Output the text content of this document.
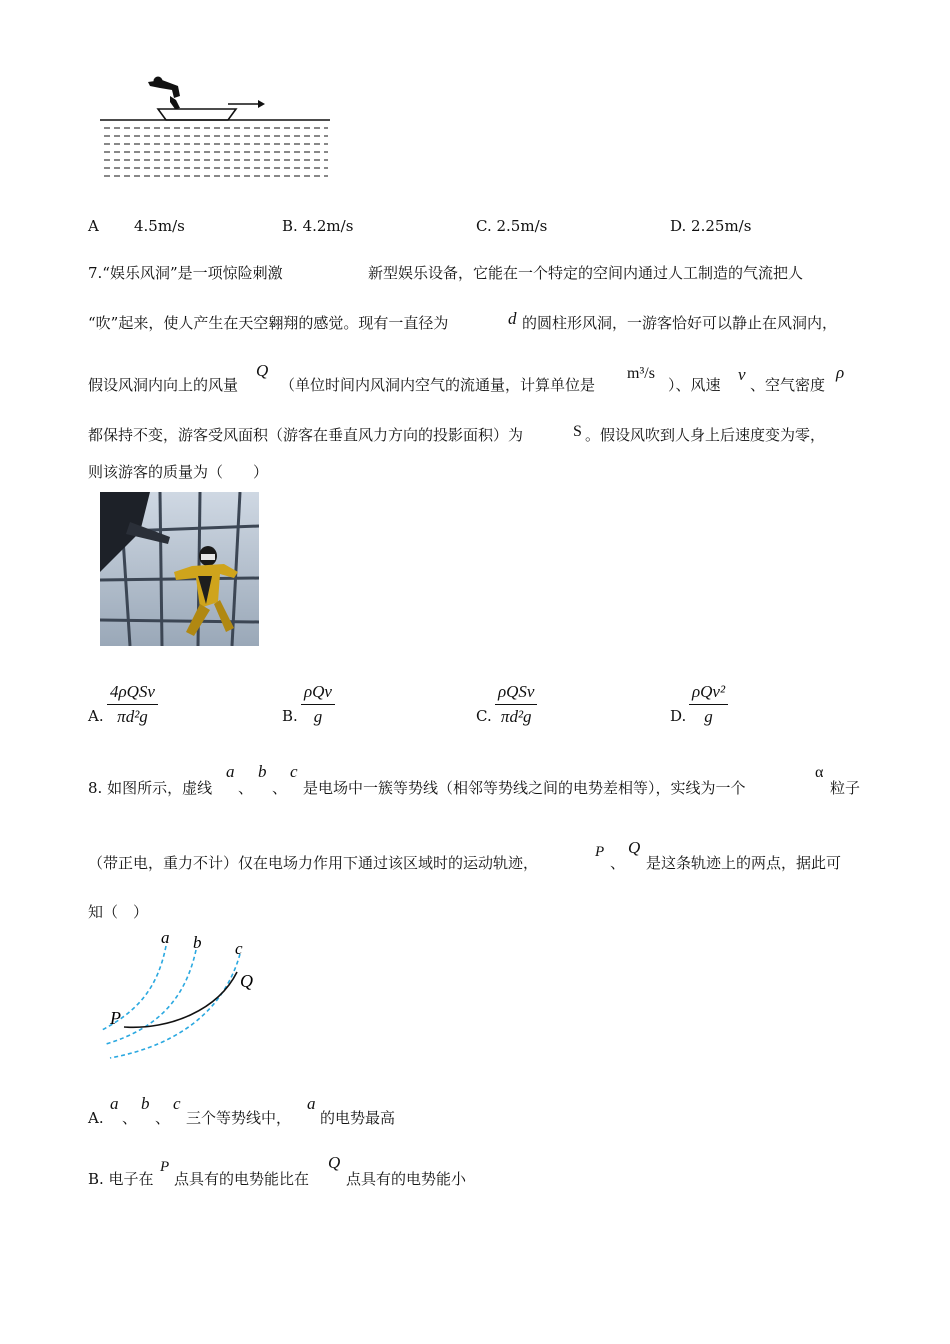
A 4.5m/s	B. 4.2m/s	C. 2.5m/s	D. 2.25m/s
7.“娱乐风洞”是一项惊险刺激	新型娱乐设备，它能在一个特定的空间内通过人工制造的气流把人
“吹”起来，使人产生在天空翱翔的感觉。现有一直径为	d 的圆柱形风洞，一游客恰好可以静止在风洞内，
假设风洞内向上的风量
Q
（单位时间内风洞内空气的流通量，计算单位是
m³/s
）、风速
v
、空气密度
ρ
都保持不变，游客受风面积（游客在垂直风力方向的投影面积）为	S 。假设风吹到人身上后速度变为零，
则该游客的质量为（　　）
A.
4ρQSv
πd²g	B.
ρQv
g	C.
ρQSv
πd²g	D.
ρQv²
g
8. 如图所示，虚线
a
、
b
、
c
是电场中一簇等势线（相邻等势线之间的电势差相等），实线为一个
α
粒子
（带正电，重力不计）仅在电场力作用下通过该区域时的运动轨迹，
P
、
Q
是这条轨迹上的两点，据此可
知（　）
a b c
P
Q
A.
a
、
b
、
c
三个等势线中，
a
的电势最高
B. 电子在
P
点具有的电势能比在
Q
点具有的电势能小
